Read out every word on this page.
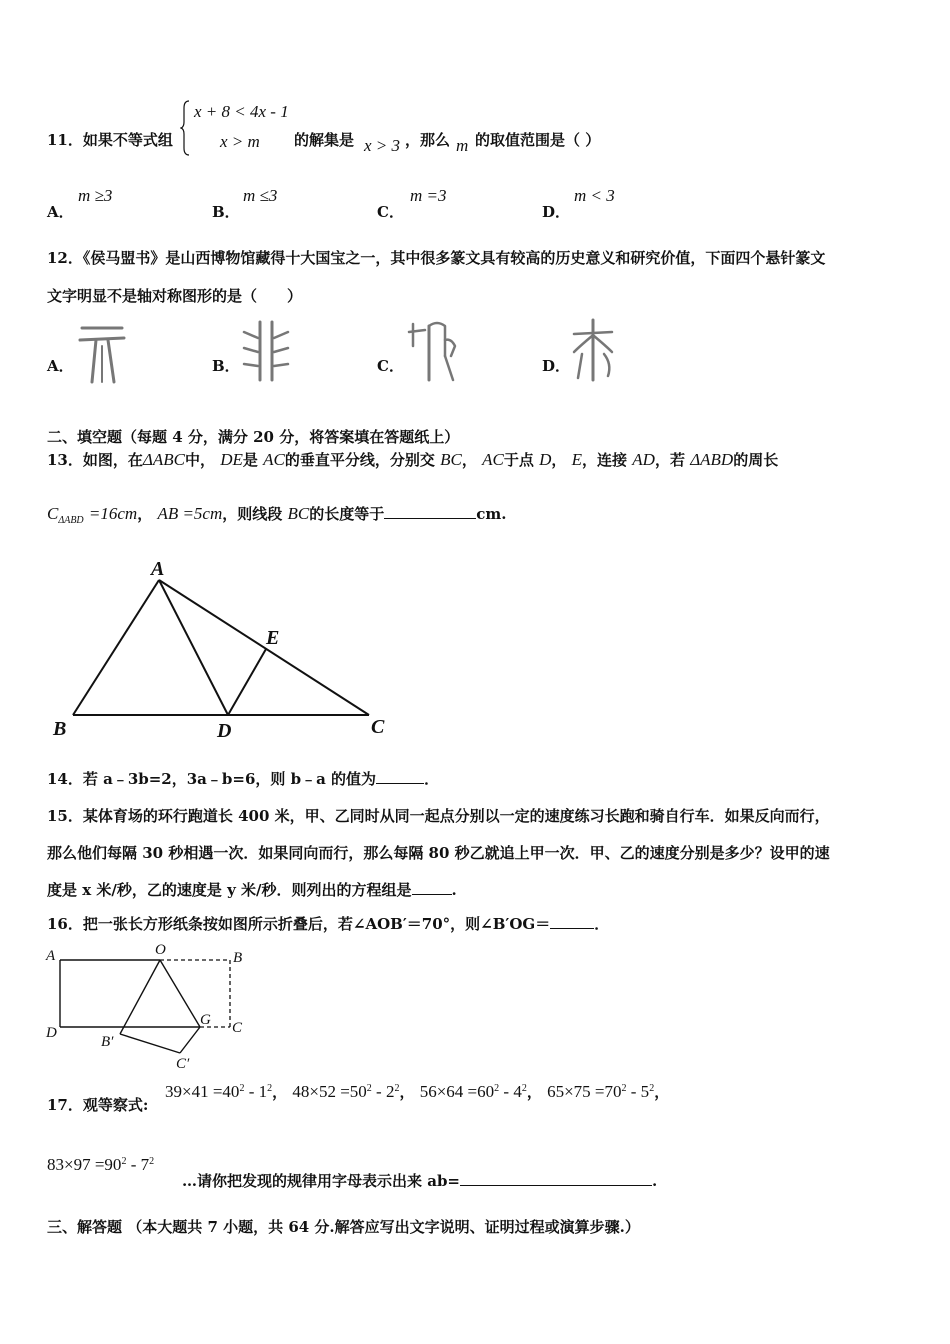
11．如果不等式组
x + 8 < 4x - 1
x > m 的解集是 x > 3 ，那么 m 的取值范围是（ ）
A．
m ≥3
B．
m ≤3
C．
m =3
D．
m < 3
12．《侯马盟书》是山西博物馆藏得十大国宝之一，其中很多篆文具有较高的历史意义和研究价值，下面四个悬针篆文
文字明显不是轴对称图形的是（　　）
A．	B．	C．	D．
二、填空题（每题 4 分，满分 20 分，将答案填在答题纸上）
13．如图，在ΔABC中， DE是 AC的垂直平分线，分别交 BC， AC于点 D， E，连接 AD，若 ΔABD的周长
$C_{\Delta ABD} =16cm$， AB =5cm，则线段 BC的长度等于	cm.
A
B	C
D
E
14．若 a﹣3b=2，3a﹣b=6，则 b﹣a 的值为	．
15．某体育场的环行跑道长 400 米，甲、乙同时从同一起点分别以一定的速度练习长跑和骑自行车．如果反向而行，
那么他们每隔 30 秒相遇一次．如果同向而行，那么每隔 80 秒乙就追上甲一次．甲、乙的速度分别是多少？设甲的速
度是 x 米/秒，乙的速度是 y 米/秒．则列出的方程组是	.
16．把一张长方形纸条按如图所示折叠后，若∠AOB′＝70°，则∠B′OG＝	．
A	O	B
D
B′
G C
C′
17．观等察式:
$39\times 41 =40^2 - 1^2$， $48\times 52 =50^2 - 2^2$， $56\times 64 =60^2 - 4^2$， $65\times 75 =70^2 - 5^2$，
$83\times 97 =90^2 - 7^2$
…请你把发现的规律用字母表示出来 ab=	.
三、解答题 （本大题共 7 小题，共 64 分.解答应写出文字说明、证明过程或演算步骤.）
